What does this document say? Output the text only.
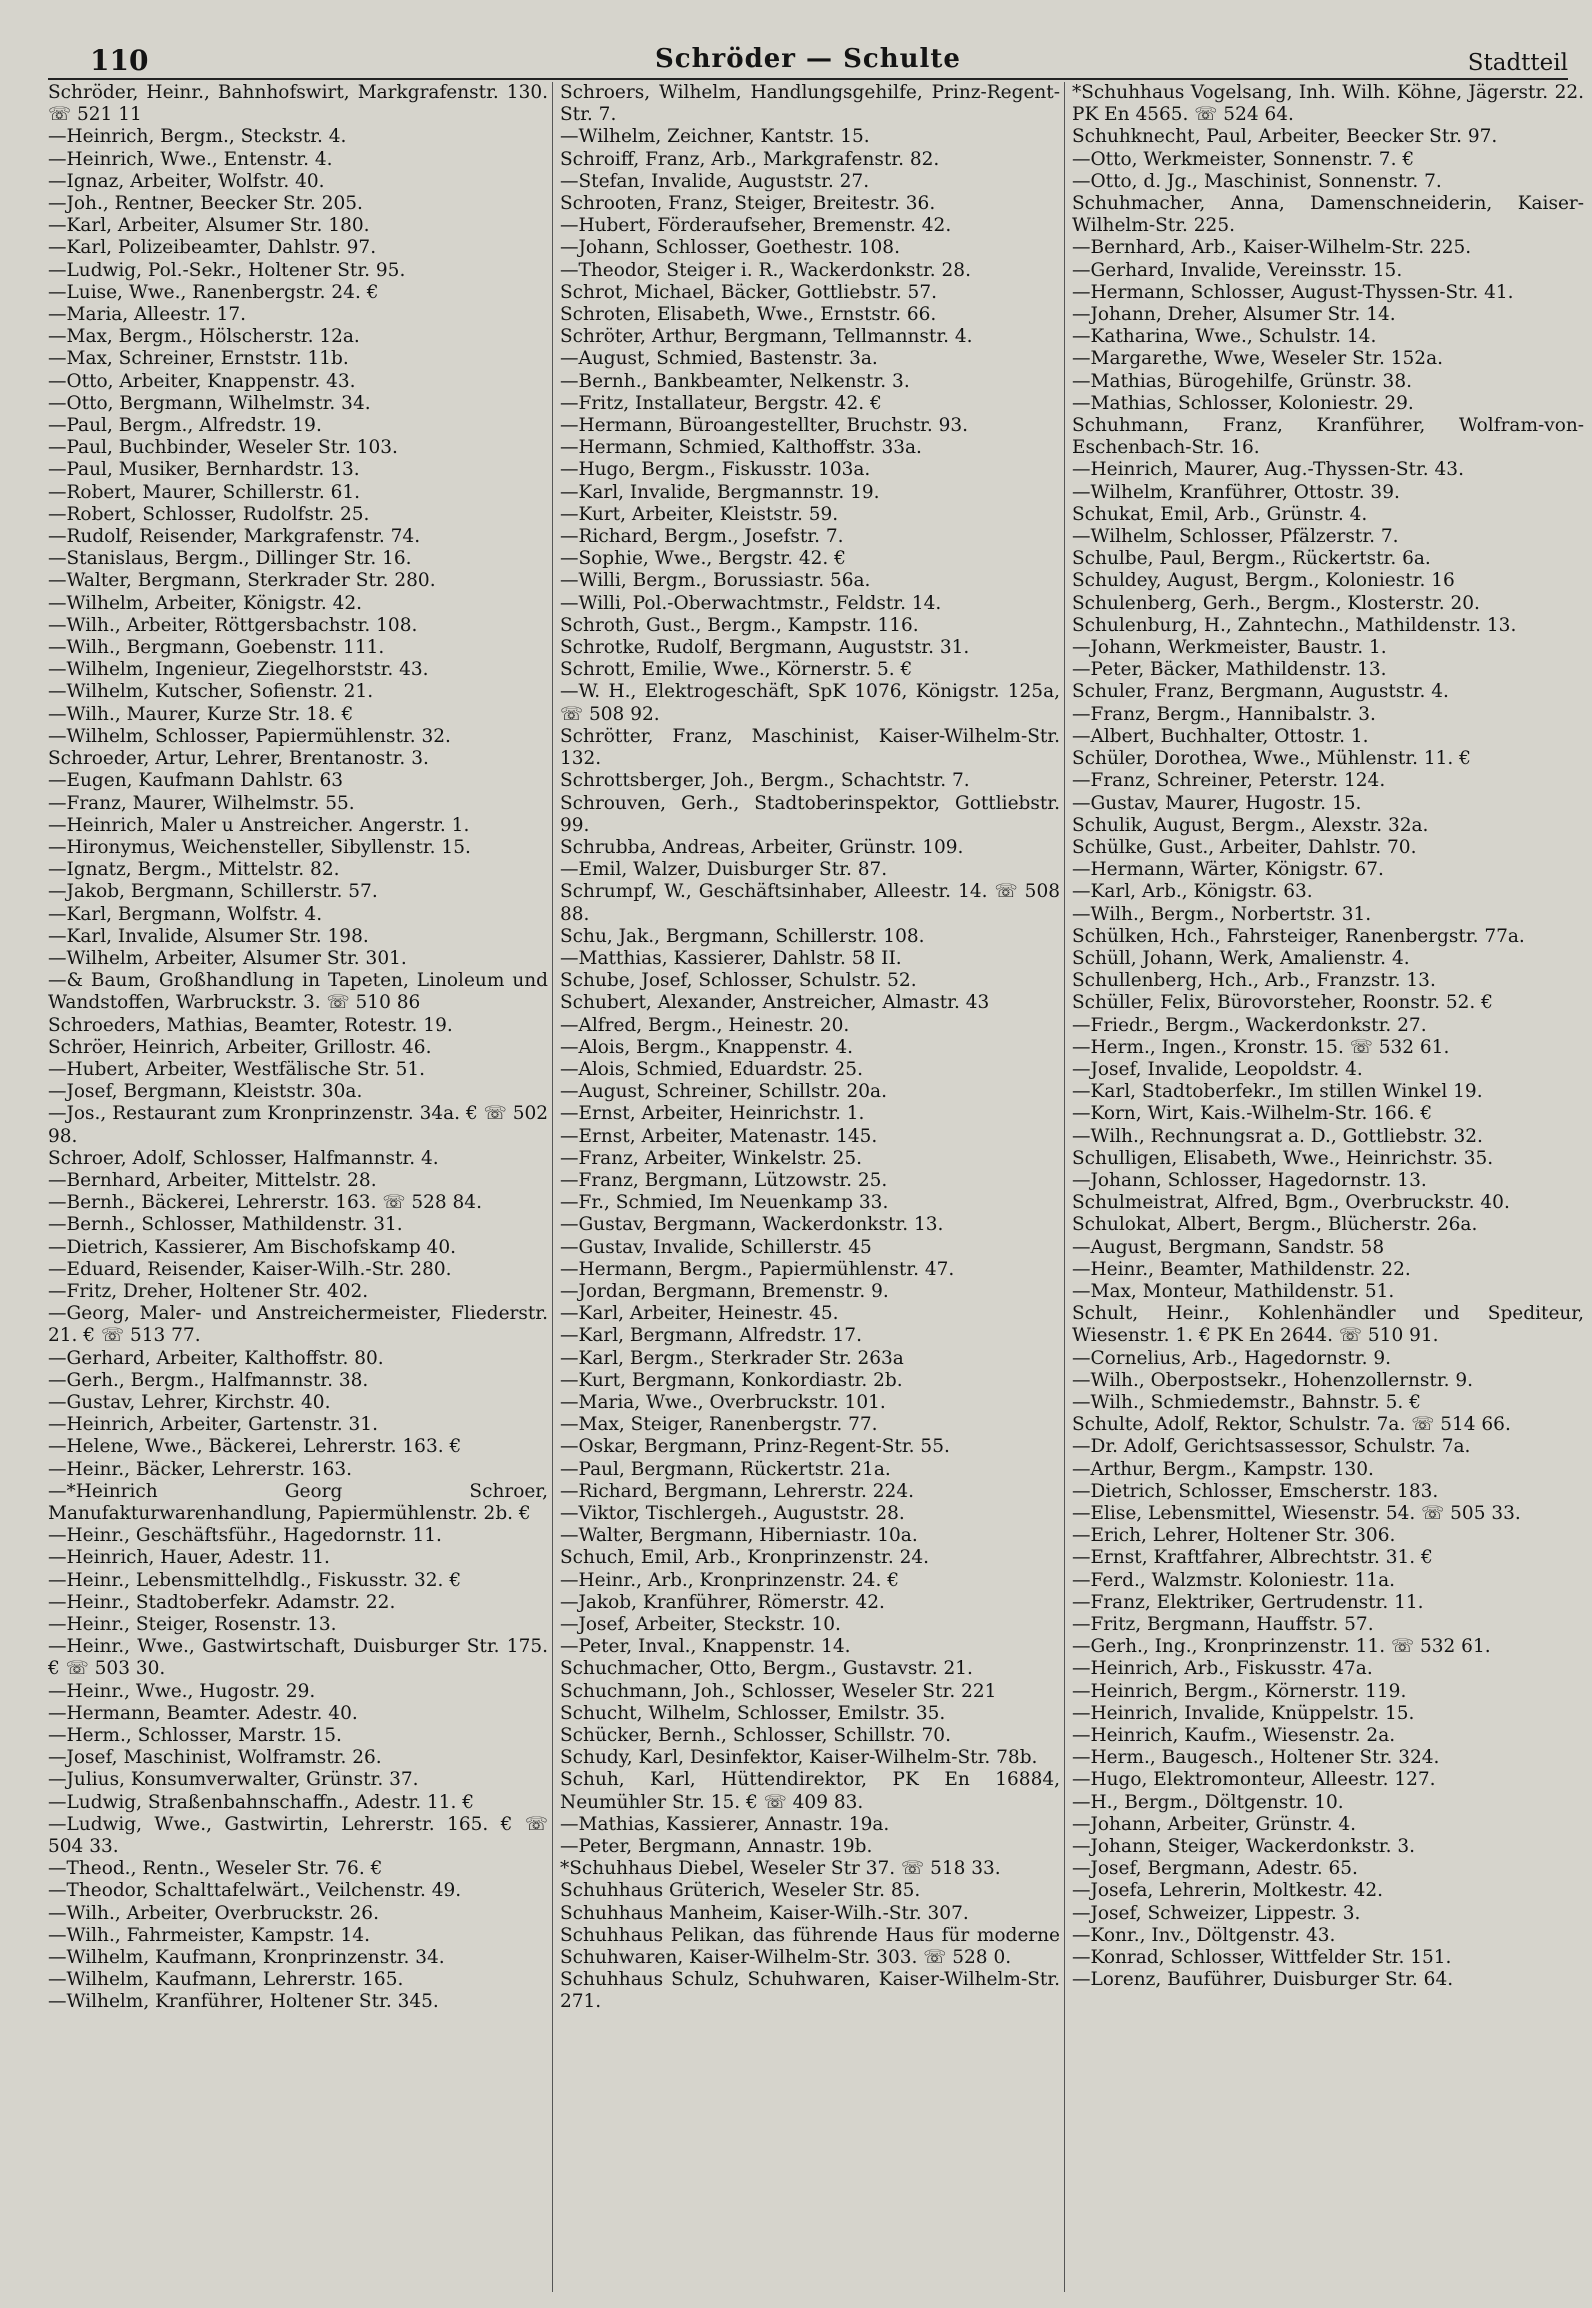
110	Schröder — Schulte	Stadtteil
Schröder, Heinr., Bahnhofswirt, Markgrafenstr. 130. ☏ 521 11
—Heinrich, Bergm., Steckstr. 4.
—Heinrich, Wwe., Entenstr. 4.
—Ignaz, Arbeiter, Wolfstr. 40.
—Joh., Rentner, Beecker Str. 205.
—Karl, Arbeiter, Alsumer Str. 180.
—Karl, Polizeibeamter, Dahlstr. 97.
—Ludwig, Pol.-Sekr., Holtener Str. 95.
—Luise, Wwe., Ranenbergstr. 24. €
—Maria, Alleestr. 17.
—Max, Bergm., Hölscherstr. 12a.
—Max, Schreiner, Ernststr. 11b.
—Otto, Arbeiter, Knappenstr. 43.
—Otto, Bergmann, Wilhelmstr. 34.
—Paul, Bergm., Alfredstr. 19.
—Paul, Buchbinder, Weseler Str. 103.
—Paul, Musiker, Bernhardstr. 13.
—Robert, Maurer, Schillerstr. 61.
—Robert, Schlosser, Rudolfstr. 25.
—Rudolf, Reisender, Markgrafenstr. 74.
—Stanislaus, Bergm., Dillinger Str. 16.
—Walter, Bergmann, Sterkrader Str. 280.
—Wilhelm, Arbeiter, Königstr. 42.
—Wilh., Arbeiter, Röttgersbachstr. 108.
—Wilh., Bergmann, Goebenstr. 111.
—Wilhelm, Ingenieur, Ziegelhorststr. 43.
—Wilhelm, Kutscher, Sofienstr. 21.
—Wilh., Maurer, Kurze Str. 18. €
—Wilhelm, Schlosser, Papiermühlenstr. 32.
Schroeder, Artur, Lehrer, Brentanostr. 3.
—Eugen, Kaufmann Dahlstr. 63
—Franz, Maurer, Wilhelmstr. 55.
—Heinrich, Maler u Anstreicher. Angerstr. 1.
—Hironymus, Weichensteller, Sibyllenstr. 15.
—Ignatz, Bergm., Mittelstr. 82.
—Jakob, Bergmann, Schillerstr. 57.
—Karl, Bergmann, Wolfstr. 4.
—Karl, Invalide, Alsumer Str. 198.
—Wilhelm, Arbeiter, Alsumer Str. 301.
—& Baum, Großhandlung in Tapeten, Linoleum und Wandstoffen, Warbruckstr. 3. ☏ 510 86
Schroeders, Mathias, Beamter, Rotestr. 19.
Schröer, Heinrich, Arbeiter, Grillostr. 46.
—Hubert, Arbeiter, Westfälische Str. 51.
—Josef, Bergmann, Kleiststr. 30a.
—Jos., Restaurant zum Kronprinzenstr. 34a. € ☏ 502 98.
Schroer, Adolf, Schlosser, Halfmannstr. 4.
—Bernhard, Arbeiter, Mittelstr. 28.
—Bernh., Bäckerei, Lehrerstr. 163. ☏ 528 84.
—Bernh., Schlosser, Mathildenstr. 31.
—Dietrich, Kassierer, Am Bischofskamp 40.
—Eduard, Reisender, Kaiser-Wilh.-Str. 280.
—Fritz, Dreher, Holtener Str. 402.
—Georg, Maler- und Anstreichermeister, Fliederstr. 21. € ☏ 513 77.
—Gerhard, Arbeiter, Kalthoffstr. 80.
—Gerh., Bergm., Halfmannstr. 38.
—Gustav, Lehrer, Kirchstr. 40.
—Heinrich, Arbeiter, Gartenstr. 31.
—Helene, Wwe., Bäckerei, Lehrerstr. 163. €
—Heinr., Bäcker, Lehrerstr. 163.
—*Heinrich Georg Schroer, Manufakturwarenhandlung, Papiermühlenstr. 2b. €
—Heinr., Geschäftsführ., Hagedornstr. 11.
—Heinrich, Hauer, Adestr. 11.
—Heinr., Lebensmittelhdlg., Fiskusstr. 32. €
—Heinr., Stadtoberfekr. Adamstr. 22.
—Heinr., Steiger, Rosenstr. 13.
—Heinr., Wwe., Gastwirtschaft, Duisburger Str. 175. € ☏ 503 30.
—Heinr., Wwe., Hugostr. 29.
—Hermann, Beamter. Adestr. 40.
—Herm., Schlosser, Marstr. 15.
—Josef, Maschinist, Wolframstr. 26.
—Julius, Konsumverwalter, Grünstr. 37.
—Ludwig, Straßenbahnschaffn., Adestr. 11. €
—Ludwig, Wwe., Gastwirtin, Lehrerstr. 165. € ☏ 504 33.
—Theod., Rentn., Weseler Str. 76. €
—Theodor, Schalttafelwärt., Veilchenstr. 49.
—Wilh., Arbeiter, Overbruckstr. 26.
—Wilh., Fahrmeister, Kampstr. 14.
—Wilhelm, Kaufmann, Kronprinzenstr. 34.
—Wilhelm, Kaufmann, Lehrerstr. 165.
—Wilhelm, Kranführer, Holtener Str. 345.
Schroers, Wilhelm, Handlungsgehilfe, Prinz-Regent-Str. 7.
—Wilhelm, Zeichner, Kantstr. 15.
Schroiff, Franz, Arb., Markgrafenstr. 82.
—Stefan, Invalide, Auguststr. 27.
Schrooten, Franz, Steiger, Breitestr. 36.
—Hubert, Förderaufseher, Bremenstr. 42.
—Johann, Schlosser, Goethestr. 108.
—Theodor, Steiger i. R., Wackerdonkstr. 28.
Schrot, Michael, Bäcker, Gottliebstr. 57.
Schroten, Elisabeth, Wwe., Ernststr. 66.
Schröter, Arthur, Bergmann, Tellmannstr. 4.
—August, Schmied, Bastenstr. 3a.
—Bernh., Bankbeamter, Nelkenstr. 3.
—Fritz, Installateur, Bergstr. 42. €
—Hermann, Büroangestellter, Bruchstr. 93.
—Hermann, Schmied, Kalthoffstr. 33a.
—Hugo, Bergm., Fiskusstr. 103a.
—Karl, Invalide, Bergmannstr. 19.
—Kurt, Arbeiter, Kleiststr. 59.
—Richard, Bergm., Josefstr. 7.
—Sophie, Wwe., Bergstr. 42. €
—Willi, Bergm., Borussiastr. 56a.
—Willi, Pol.-Oberwachtmstr., Feldstr. 14.
Schroth, Gust., Bergm., Kampstr. 116.
Schrotke, Rudolf, Bergmann, Auguststr. 31.
Schrott, Emilie, Wwe., Körnerstr. 5. €
—W. H., Elektrogeschäft, SpK 1076, Königstr. 125a, ☏ 508 92.
Schrötter, Franz, Maschinist, Kaiser-Wilhelm-Str. 132.
Schrottsberger, Joh., Bergm., Schachtstr. 7.
Schrouven, Gerh., Stadtoberinspektor, Gottliebstr. 99.
Schrubba, Andreas, Arbeiter, Grünstr. 109.
—Emil, Walzer, Duisburger Str. 87.
Schrumpf, W., Geschäftsinhaber, Alleestr. 14. ☏ 508 88.
Schu, Jak., Bergmann, Schillerstr. 108.
—Matthias, Kassierer, Dahlstr. 58 II.
Schube, Josef, Schlosser, Schulstr. 52.
Schubert, Alexander, Anstreicher, Almastr. 43
—Alfred, Bergm., Heinestr. 20.
—Alois, Bergm., Knappenstr. 4.
—Alois, Schmied, Eduardstr. 25.
—August, Schreiner, Schillstr. 20a.
—Ernst, Arbeiter, Heinrichstr. 1.
—Ernst, Arbeiter, Matenastr. 145.
—Franz, Arbeiter, Winkelstr. 25.
—Franz, Bergmann, Lützowstr. 25.
—Fr., Schmied, Im Neuenkamp 33.
—Gustav, Bergmann, Wackerdonkstr. 13.
—Gustav, Invalide, Schillerstr. 45
—Hermann, Bergm., Papiermühlenstr. 47.
—Jordan, Bergmann, Bremenstr. 9.
—Karl, Arbeiter, Heinestr. 45.
—Karl, Bergmann, Alfredstr. 17.
—Karl, Bergm., Sterkrader Str. 263a
—Kurt, Bergmann, Konkordiastr. 2b.
—Maria, Wwe., Overbruckstr. 101.
—Max, Steiger, Ranenbergstr. 77.
—Oskar, Bergmann, Prinz-Regent-Str. 55.
—Paul, Bergmann, Rückertstr. 21a.
—Richard, Bergmann, Lehrerstr. 224.
—Viktor, Tischlergeh., Auguststr. 28.
—Walter, Bergmann, Hiberniastr. 10a.
Schuch, Emil, Arb., Kronprinzenstr. 24.
—Heinr., Arb., Kronprinzenstr. 24. €
—Jakob, Kranführer, Römerstr. 42.
—Josef, Arbeiter, Steckstr. 10.
—Peter, Inval., Knappenstr. 14.
Schuchmacher, Otto, Bergm., Gustavstr. 21.
Schuchmann, Joh., Schlosser, Weseler Str. 221
Schucht, Wilhelm, Schlosser, Emilstr. 35.
Schücker, Bernh., Schlosser, Schillstr. 70.
Schudy, Karl, Desinfektor, Kaiser-Wilhelm-Str. 78b.
Schuh, Karl, Hüttendirektor, PK En 16884, Neumühler Str. 15. € ☏ 409 83.
—Mathias, Kassierer, Annastr. 19a.
—Peter, Bergmann, Annastr. 19b.
*Schuhhaus Diebel, Weseler Str 37. ☏ 518 33.
Schuhhaus Grüterich, Weseler Str. 85.
Schuhhaus Manheim, Kaiser-Wilh.-Str. 307.
Schuhhaus Pelikan, das führende Haus für moderne Schuhwaren, Kaiser-Wilhelm-Str. 303. ☏ 528 0.
Schuhhaus Schulz, Schuhwaren, Kaiser-Wilhelm-Str. 271.
*Schuhhaus Vogelsang, Inh. Wilh. Köhne, Jägerstr. 22. PK En 4565. ☏ 524 64.
Schuhknecht, Paul, Arbeiter, Beecker Str. 97.
—Otto, Werkmeister, Sonnenstr. 7. €
—Otto, d. Jg., Maschinist, Sonnenstr. 7.
Schuhmacher, Anna, Damenschneiderin, Kaiser-Wilhelm-Str. 225.
—Bernhard, Arb., Kaiser-Wilhelm-Str. 225.
—Gerhard, Invalide, Vereinsstr. 15.
—Hermann, Schlosser, August-Thyssen-Str. 41.
—Johann, Dreher, Alsumer Str. 14.
—Katharina, Wwe., Schulstr. 14.
—Margarethe, Wwe, Weseler Str. 152a.
—Mathias, Bürogehilfe, Grünstr. 38.
—Mathias, Schlosser, Koloniestr. 29.
Schuhmann, Franz, Kranführer, Wolfram-von-Eschenbach-Str. 16.
—Heinrich, Maurer, Aug.-Thyssen-Str. 43.
—Wilhelm, Kranführer, Ottostr. 39.
Schukat, Emil, Arb., Grünstr. 4.
—Wilhelm, Schlosser, Pfälzerstr. 7.
Schulbe, Paul, Bergm., Rückertstr. 6a.
Schuldey, August, Bergm., Koloniestr. 16
Schulenberg, Gerh., Bergm., Klosterstr. 20.
Schulenburg, H., Zahntechn., Mathildenstr. 13.
—Johann, Werkmeister, Baustr. 1.
—Peter, Bäcker, Mathildenstr. 13.
Schuler, Franz, Bergmann, Auguststr. 4.
—Franz, Bergm., Hannibalstr. 3.
—Albert, Buchhalter, Ottostr. 1.
Schüler, Dorothea, Wwe., Mühlenstr. 11. €
—Franz, Schreiner, Peterstr. 124.
—Gustav, Maurer, Hugostr. 15.
Schulik, August, Bergm., Alexstr. 32a.
Schülke, Gust., Arbeiter, Dahlstr. 70.
—Hermann, Wärter, Königstr. 67.
—Karl, Arb., Königstr. 63.
—Wilh., Bergm., Norbertstr. 31.
Schülken, Hch., Fahrsteiger, Ranenbergstr. 77a.
Schüll, Johann, Werk, Amalienstr. 4.
Schullenberg, Hch., Arb., Franzstr. 13.
Schüller, Felix, Bürovorsteher, Roonstr. 52. €
—Friedr., Bergm., Wackerdonkstr. 27.
—Herm., Ingen., Kronstr. 15. ☏ 532 61.
—Josef, Invalide, Leopoldstr. 4.
—Karl, Stadtoberfekr., Im stillen Winkel 19.
—Korn, Wirt, Kais.-Wilhelm-Str. 166. €
—Wilh., Rechnungsrat a. D., Gottliebstr. 32.
Schulligen, Elisabeth, Wwe., Heinrichstr. 35.
—Johann, Schlosser, Hagedornstr. 13.
Schulmeistrat, Alfred, Bgm., Overbruckstr. 40.
Schulokat, Albert, Bergm., Blücherstr. 26a.
—August, Bergmann, Sandstr. 58
—Heinr., Beamter, Mathildenstr. 22.
—Max, Monteur, Mathildenstr. 51.
Schult, Heinr., Kohlenhändler und Spediteur, Wiesenstr. 1. € PK En 2644. ☏ 510 91.
—Cornelius, Arb., Hagedornstr. 9.
—Wilh., Oberpostsekr., Hohenzollernstr. 9.
—Wilh., Schmiedemstr., Bahnstr. 5. €
Schulte, Adolf, Rektor, Schulstr. 7a. ☏ 514 66.
—Dr. Adolf, Gerichtsassessor, Schulstr. 7a.
—Arthur, Bergm., Kampstr. 130.
—Dietrich, Schlosser, Emscherstr. 183.
—Elise, Lebensmittel, Wiesenstr. 54. ☏ 505 33.
—Erich, Lehrer, Holtener Str. 306.
—Ernst, Kraftfahrer, Albrechtstr. 31. €
—Ferd., Walzmstr. Koloniestr. 11a.
—Franz, Elektriker, Gertrudenstr. 11.
—Fritz, Bergmann, Hauffstr. 57.
—Gerh., Ing., Kronprinzenstr. 11. ☏ 532 61.
—Heinrich, Arb., Fiskusstr. 47a.
—Heinrich, Bergm., Körnerstr. 119.
—Heinrich, Invalide, Knüppelstr. 15.
—Heinrich, Kaufm., Wiesenstr. 2a.
—Herm., Baugesch., Holtener Str. 324.
—Hugo, Elektromonteur, Alleestr. 127.
—H., Bergm., Döltgenstr. 10.
—Johann, Arbeiter, Grünstr. 4.
—Johann, Steiger, Wackerdonkstr. 3.
—Josef, Bergmann, Adestr. 65.
—Josefa, Lehrerin, Moltkestr. 42.
—Josef, Schweizer, Lippestr. 3.
—Konr., Inv., Döltgenstr. 43.
—Konrad, Schlosser, Wittfelder Str. 151.
—Lorenz, Bauführer, Duisburger Str. 64.
